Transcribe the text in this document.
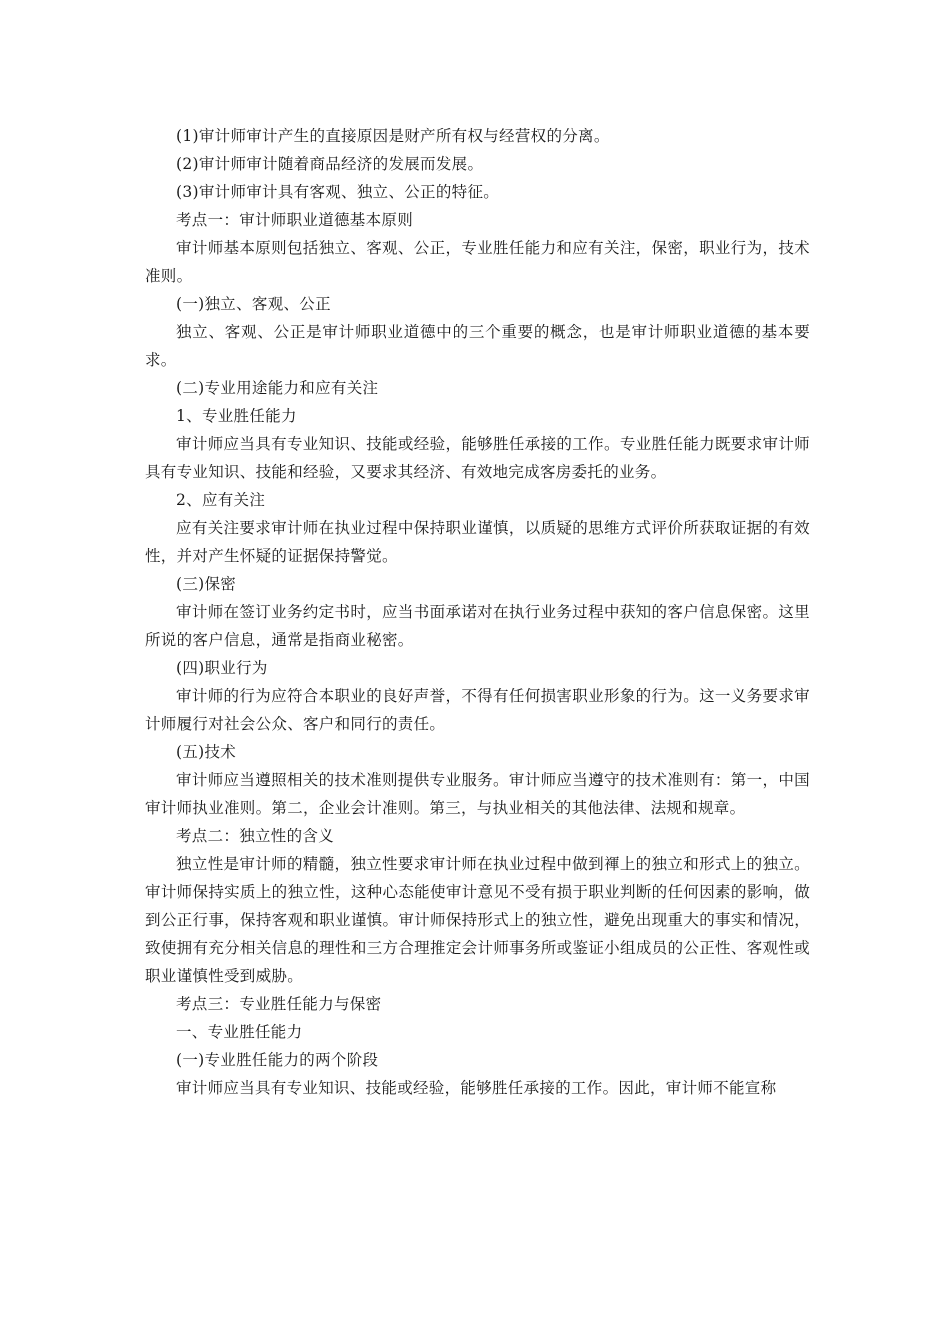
(1)审计师审计产生的直接原因是财产所有权与经营权的分离。

(2)审计师审计随着商品经济的发展而发展。

(3)审计师审计具有客观、独立、公正的特征。

考点一：审计师职业道德基本原则

审计师基本原则包括独立、客观、公正，专业胜任能力和应有关注，保密，职业行为，技术准则。

(一)独立、客观、公正

独立、客观、公正是审计师职业道德中的三个重要的概念，也是审计师职业道德的基本要求。

(二)专业用途能力和应有关注

1、专业胜任能力

审计师应当具有专业知识、技能或经验，能够胜任承接的工作。专业胜任能力既要求审计师具有专业知识、技能和经验，又要求其经济、有效地完成客房委托的业务。

2、应有关注

应有关注要求审计师在执业过程中保持职业谨慎，以质疑的思维方式评价所获取证据的有效性，并对产生怀疑的证据保持警觉。

(三)保密

审计师在签订业务约定书时，应当书面承诺对在执行业务过程中获知的客户信息保密。这里所说的客户信息，通常是指商业秘密。

(四)职业行为

审计师的行为应符合本职业的良好声誉，不得有任何损害职业形象的行为。这一义务要求审计师履行对社会公众、客户和同行的责任。

(五)技术

审计师应当遵照相关的技术准则提供专业服务。审计师应当遵守的技术准则有：第一，中国审计师执业准则。第二，企业会计准则。第三，与执业相关的其他法律、法规和规章。

考点二：独立性的含义

独立性是审计师的精髓，独立性要求审计师在执业过程中做到褌上的独立和形式上的独立。审计师保持实质上的独立性，这种心态能使审计意见不受有损于职业判断的任何因素的影响，做到公正行事，保持客观和职业谨慎。审计师保持形式上的独立性，避免出现重大的事实和情况，致使拥有充分相关信息的理性和三方合理推定会计师事务所或鉴证小组成员的公正性、客观性或职业谨慎性受到威胁。

考点三：专业胜任能力与保密

一、专业胜任能力

(一)专业胜任能力的两个阶段

审计师应当具有专业知识、技能或经验，能够胜任承接的工作。因此，审计师不能宣称
